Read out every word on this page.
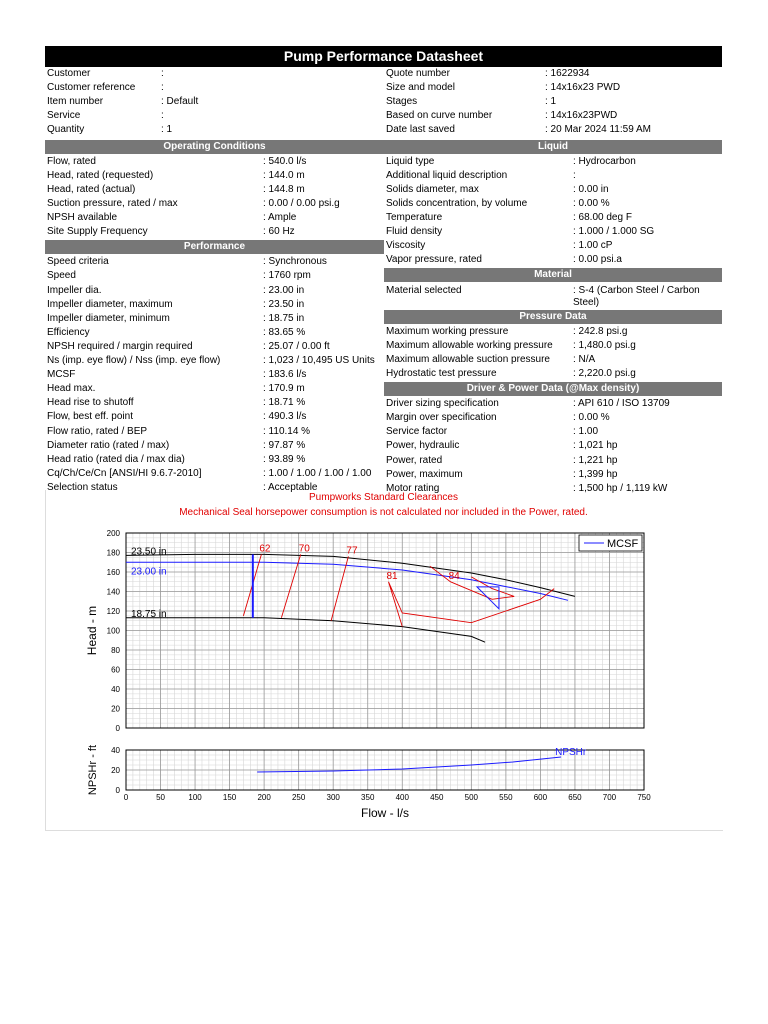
Pump Performance Datasheet
Customer	:
Customer reference	:
Item number	: Default
Service	:
Quantity	: 1
Quote number	: 1622934
Size and model	: 14x16x23 PWD
Stages	: 1
Based on curve number	: 14x16x23PWD
Date last saved	: 20 Mar 2024 11:59 AM
Operating Conditions
Flow, rated	: 540.0 l/s
Head, rated (requested)	: 144.0 m
Head, rated (actual)	: 144.8 m
Suction pressure, rated / max	: 0.00 / 0.00 psi.g
NPSH available	: Ample
Site Supply Frequency	: 60 Hz
Performance
Speed criteria	: Synchronous
Speed	: 1760 rpm
Impeller dia.	: 23.00 in
Impeller diameter, maximum	: 23.50 in
Impeller diameter, minimum	: 18.75 in
Efficiency	: 83.65 %
NPSH required / margin required	: 25.07 / 0.00 ft
Ns (imp. eye flow) / Nss (imp. eye flow)	: 1,023 / 10,495 US Units
MCSF	: 183.6 l/s
Head max.	: 170.9 m
Head rise to shutoff	: 18.71 %
Flow, best eff. point	: 490.3 l/s
Flow ratio, rated / BEP	: 110.14 %
Diameter ratio (rated / max)	: 97.87 %
Head ratio (rated dia / max dia)	: 93.89 %
Cq/Ch/Ce/Cn [ANSI/HI 9.6.7-2010]	: 1.00 / 1.00 / 1.00 / 1.00
Selection status	: Acceptable
Liquid
Liquid type	: Hydrocarbon
Additional liquid description	:
Solids diameter, max	: 0.00 in
Solids concentration, by volume	: 0.00 %
Temperature	: 68.00 deg F
Fluid density	: 1.000 / 1.000 SG
Viscosity	: 1.00 cP
Vapor pressure, rated	: 0.00 psi.a
Material
Material selected	: S-4 (Carbon Steel / Carbon
Steel)
Pressure Data
Maximum working pressure	: 242.8 psi.g
Maximum allowable working pressure : 1,480.0 psi.g
Maximum allowable suction pressure : N/A
Hydrostatic test pressure	: 2,220.0 psi.g
Driver & Power Data (@Max density)
Driver sizing specification	: API 610 / ISO 13709
Margin over specification	: 0.00 %
Service factor	: 1.00
Power, hydraulic	: 1,021 hp
Power, rated	: 1,221 hp
Power, maximum	: 1,399 hp
Motor rating	: 1,500 hp / 1,119 kW
Pumpworks Standard Clearances
Mechanical Seal horsepower consumption is not calculated nor included in the Power, rated.
0
20
40
60
80
100
120
140
160
180
200
Head - m
23.50 in
23.00 in
18.75 in
62	70	77
81	84
MCSF
0	50	100	150	200	250	300	350	400	450	500	550	600	650	700	750
0
20
40	NPSHr
NPSHr - ft
Flow - l/s
